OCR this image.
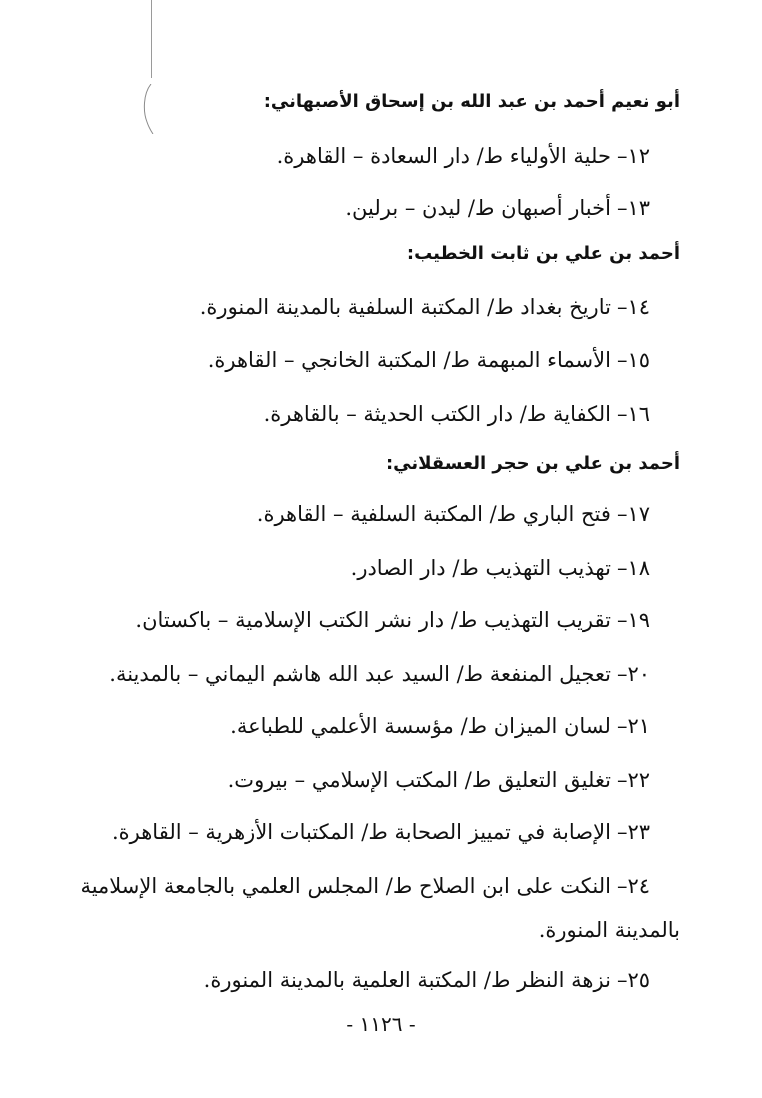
أبو نعيم أحمد بن عبد الله بن إسحاق الأصبهاني:
١٢–حلية الأولياء ط/ دار السعادة – القاهرة.
١٣–أخبار أصبهان ط/ ليدن – برلين.
أحمد بن علي بن ثابت الخطيب:
١٤–تاريخ بغداد ط/ المكتبة السلفية بالمدينة المنورة.
١٥–الأسماء المبهمة ط/ المكتبة الخانجي – القاهرة.
١٦–الكفاية ط/ دار الكتب الحديثة – بالقاهرة.
أحمد بن علي بن حجر العسقلاني:
١٧–فتح الباري ط/ المكتبة السلفية – القاهرة.
١٨–تهذيب التهذيب ط/ دار الصادر.
١٩–تقريب التهذيب ط/ دار نشر الكتب الإسلامية – باكستان.
٢٠–تعجيل المنفعة ط/ السيد عبد الله هاشم اليماني – بالمدينة.
٢١–لسان الميزان ط/ مؤسسة الأعلمي للطباعة.
٢٢–تغليق التعليق ط/ المكتب الإسلامي – بيروت.
٢٣–الإصابة في تمييز الصحابة ط/ المكتبات الأزهرية – القاهرة.
٢٤–النكت على ابن الصلاح ط/ المجلس العلمي بالجامعة الإسلامية
بالمدينة المنورة.
٢٥–نزهة النظر ط/ المكتبة العلمية بالمدينة المنورة.
- ١١٢٦ -
